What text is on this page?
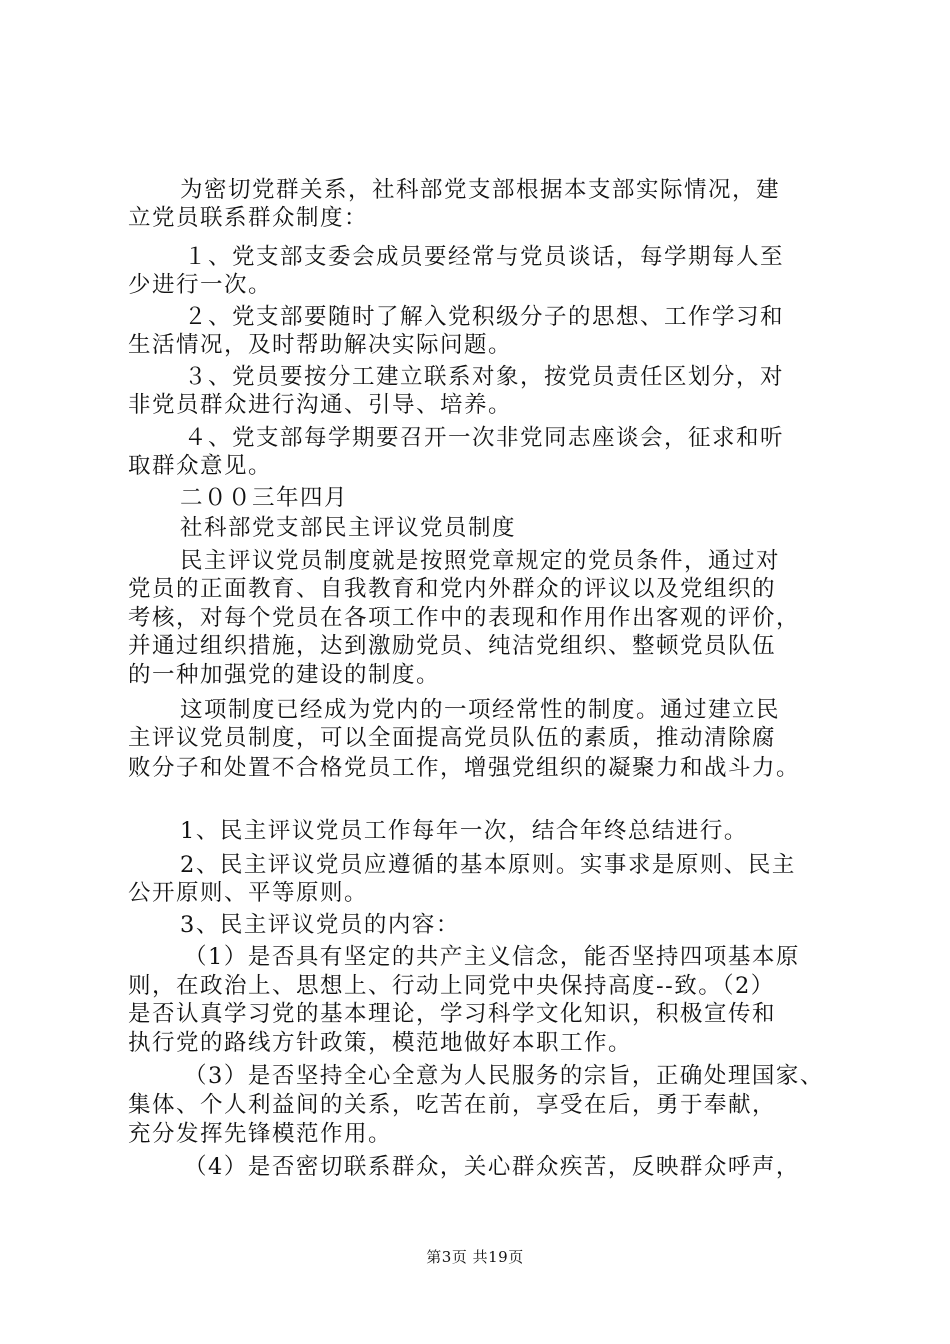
为密切党群关系，社科部党支部根据本支部实际情况，建
立党员联系群众制度：
１、党支部支委会成员要经常与党员谈话，每学期每人至
少进行一次。
２、党支部要随时了解入党积级分子的思想、工作学习和
生活情况，及时帮助解决实际问题。
３、党员要按分工建立联系对象，按党员责任区划分，对
非党员群众进行沟通、引导、培养。
４、党支部每学期要召开一次非党同志座谈会，征求和听
取群众意见。
二００三年四月
社科部党支部民主评议党员制度
民主评议党员制度就是按照党章规定的党员条件，通过对
党员的正面教育、自我教育和党内外群众的评议以及党组织的
考核，对每个党员在各项工作中的表现和作用作出客观的评价，
并通过组织措施，达到激励党员、纯洁党组织、整顿党员队伍
的一种加强党的建设的制度。
这项制度已经成为党内的一项经常性的制度。通过建立民
主评议党员制度，可以全面提高党员队伍的素质，推动清除腐
败分子和处置不合格党员工作，增强党组织的凝聚力和战斗力。
1、民主评议党员工作每年一次，结合年终总结进行。
2、民主评议党员应遵循的基本原则。实事求是原则、民主
公开原则、平等原则。
3、民主评议党员的内容：
（1）是否具有坚定的共产主义信念，能否坚持四项基本原
则，在政治上、思想上、行动上同党中央保持高度--致。（2）
是否认真学习党的基本理论，学习科学文化知识，积极宣传和
执行党的路线方针政策，模范地做好本职工作。
（3）是否坚持全心全意为人民服务的宗旨，正确处理国家、
集体、个人利益间的关系，吃苦在前，享受在后，勇于奉献，
充分发挥先锋模范作用。
（4）是否密切联系群众，关心群众疾苦，反映群众呼声，
第3页 共19页
